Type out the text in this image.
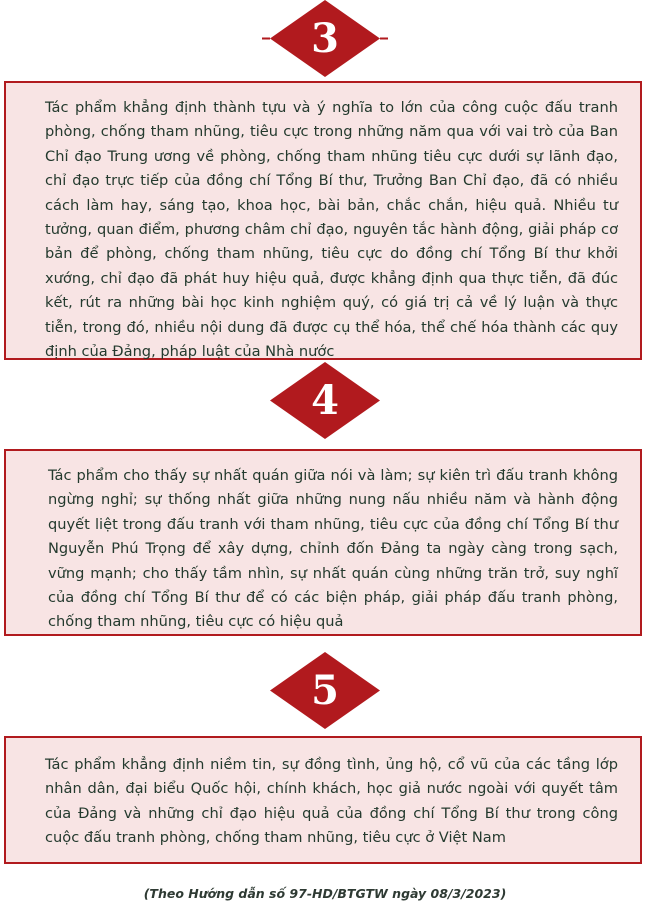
Tác phẩm khẳng định thành tựu và ý nghĩa to lớn của công cuộc đấu tranh phòng, chống tham nhũng, tiêu cực trong những năm qua với vai trò của Ban Chỉ đạo Trung ương về phòng, chống tham nhũng tiêu cực dưới sự lãnh đạo, chỉ đạo trực tiếp của đồng chí Tổng Bí thư, Trưởng Ban Chỉ đạo, đã có nhiều cách làm hay, sáng tạo, khoa học, bài bản, chắc chắn, hiệu quả. Nhiều tư tưởng, quan điểm, phương châm chỉ đạo, nguyên tắc hành động, giải pháp cơ bản để phòng, chống tham nhũng, tiêu cực do đồng chí Tổng Bí thư khởi xướng, chỉ đạo đã phát huy hiệu quả, được khẳng định qua thực tiễn, đã đúc kết, rút ra những bài học kinh nghiệm quý, có giá trị cả về lý luận và thực tiễn, trong đó, nhiều nội dung đã được cụ thể hóa, thể chế hóa thành các quy định của Đảng, pháp luật của Nhà nước

3

Tác phẩm cho thấy sự nhất quán giữa nói và làm; sự kiên trì đấu tranh không ngừng nghỉ; sự thống nhất giữa những nung nấu nhiều năm và hành động quyết liệt trong đấu tranh với tham nhũng, tiêu cực của đồng chí Tổng Bí thư Nguyễn Phú Trọng để xây dựng, chỉnh đốn Đảng ta ngày càng trong sạch, vững mạnh; cho thấy tầm nhìn, sự nhất quán cùng những trăn trở, suy nghĩ của đồng chí Tổng Bí thư để có các biện pháp, giải pháp đấu tranh phòng, chống tham nhũng, tiêu cực có hiệu quả

4

Tác phẩm khẳng định niềm tin, sự đồng tình, ủng hộ, cổ vũ của các tầng lớp nhân dân, đại biểu Quốc hội, chính khách, học giả nước ngoài với quyết tâm của Đảng và những chỉ đạo hiệu quả của đồng chí Tổng Bí thư trong công cuộc đấu tranh phòng, chống tham nhũng, tiêu cực ở Việt Nam

5
(Theo Hướng dẫn số 97-HD/BTGTW ngày 08/3/2023)
